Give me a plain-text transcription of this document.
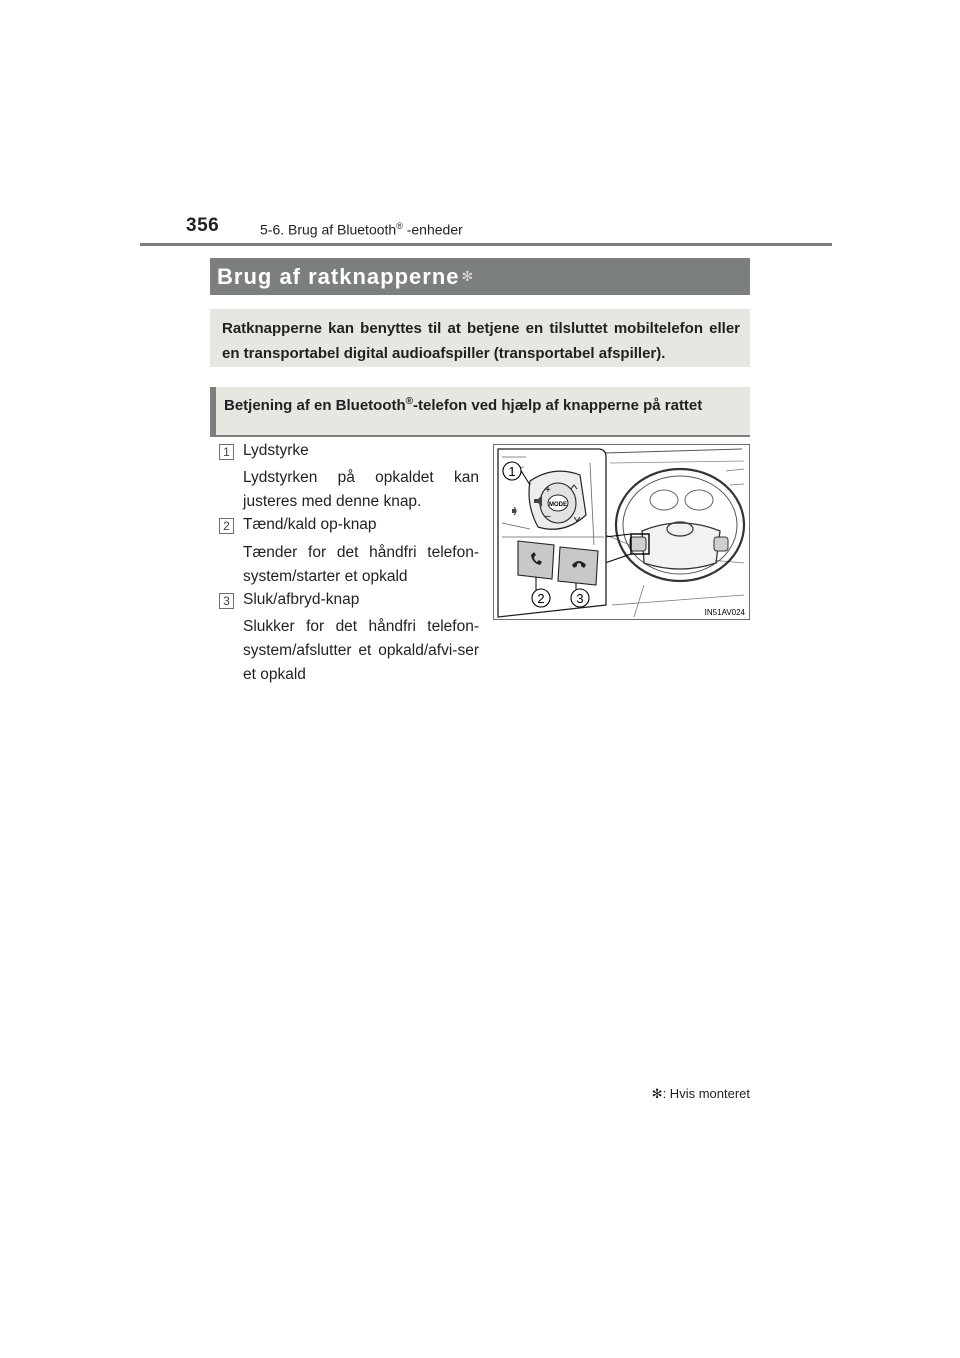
356	5-6. Brug af Bluetooth® -enheder
Brug af ratknapperne ✻
Ratknapperne kan benyttes til at betjene en tilsluttet mobiltelefon eller en transportabel digital audioafspiller (transportabel afspiller).
Betjening af en Bluetooth®-telefon ved hjælp af knapperne på rattet
1 Lydstyrke
Lydstyrken på opkaldet kan justeres med denne knap.
2 Tænd/kald op-knap
Tænder for det håndfri telefon-system/starter et opkald
3 Sluk/afbryd-knap
Slukker for det håndfri telefon-system/afslutter et opkald/afvi-ser et opkald
MODE
+
–
1
2 3
IN51AV024
✻: Hvis monteret
